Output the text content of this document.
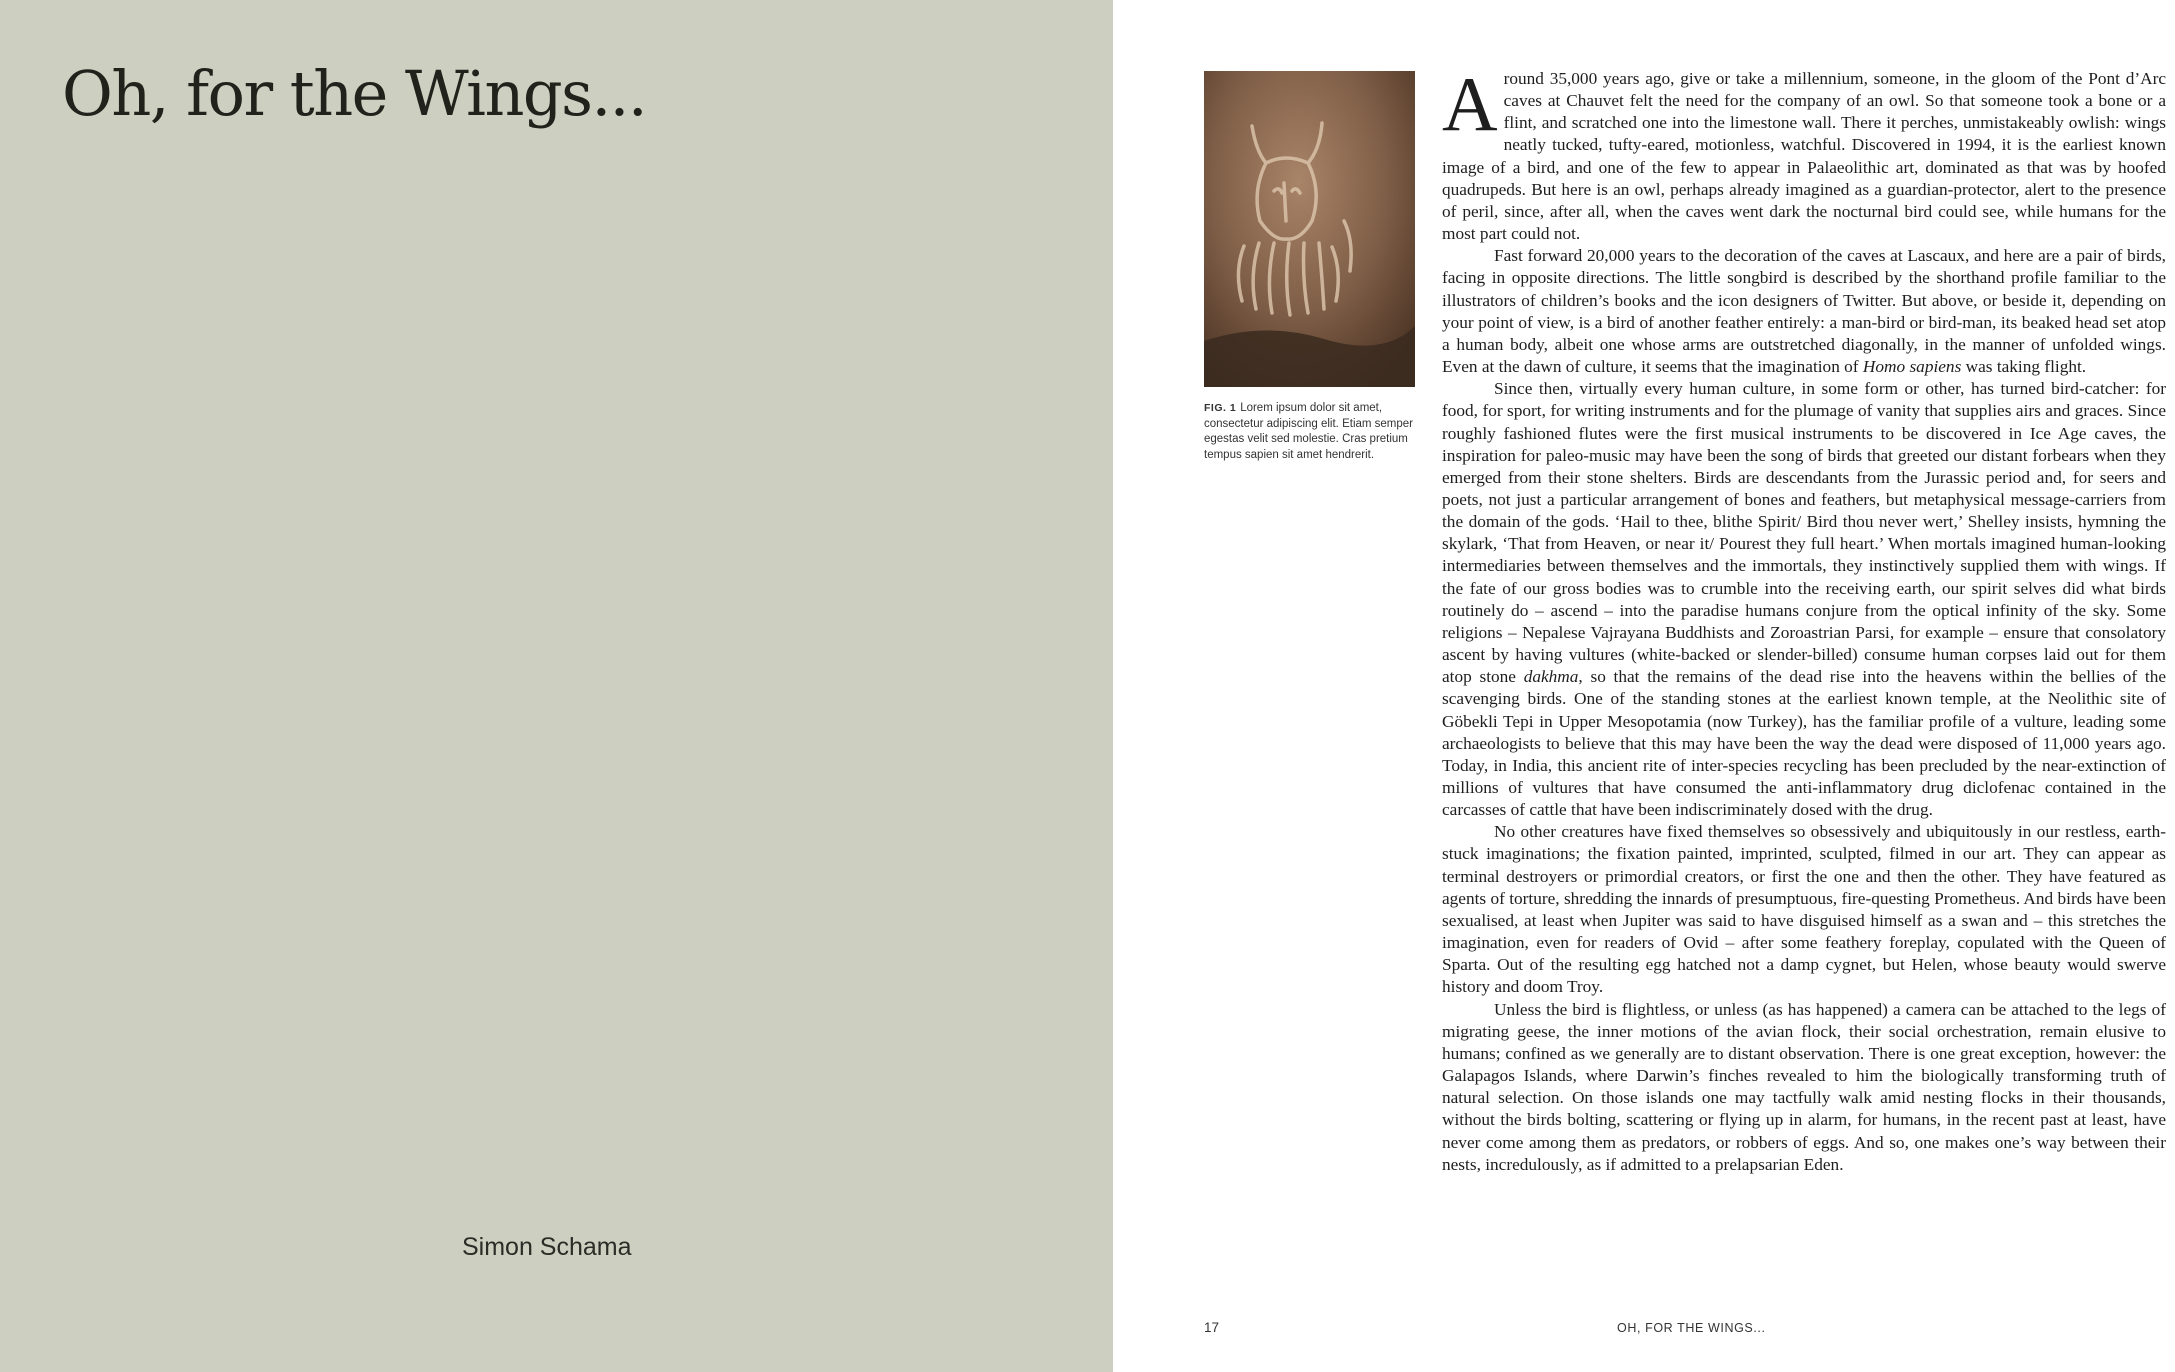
Oh, for the Wings...
Simon Schama

FIG. 1 Lorem ipsum dolor sit amet, consectetur adipiscing elit. Etiam semper egestas velit sed molestie. Cras pretium tempus sapien sit amet hendrerit.

Around 35,000 years ago, give or take a millennium, someone, in the gloom of the Pont d’Arc caves at Chauvet felt the need for the company of an owl. So that someone took a bone or a flint, and scratched one into the limestone wall. There it perches, unmistakeably owlish: wings neatly tucked, tufty-eared, motionless, watchful. Discovered in 1994, it is the earliest known image of a bird, and one of the few to appear in Palaeolithic art, dominated as that was by hoofed quadrupeds. But here is an owl, perhaps already imagined as a guardian-protector, alert to the presence of peril, since, after all, when the caves went dark the nocturnal bird could see, while humans for the most part could not.

Fast forward 20,000 years to the decoration of the caves at Lascaux, and here are a pair of birds, facing in opposite directions. The little songbird is described by the shorthand profile familiar to the illustrators of children’s books and the icon designers of Twitter. But above, or beside it, depending on your point of view, is a bird of another feather entirely: a man-bird or bird-man, its beaked head set atop a human body, albeit one whose arms are outstretched diagonally, in the manner of unfolded wings. Even at the dawn of culture, it seems that the imagination of Homo sapiens was taking flight.

Since then, virtually every human culture, in some form or other, has turned bird-catcher: for food, for sport, for writing instruments and for the plumage of vanity that supplies airs and graces. Since roughly fashioned flutes were the first musical instruments to be discovered in Ice Age caves, the inspiration for paleo-music may have been the song of birds that greeted our distant forbears when they emerged from their stone shelters. Birds are descendants from the Jurassic period and, for seers and poets, not just a particular arrangement of bones and feathers, but metaphysical message-carriers from the domain of the gods. ‘Hail to thee, blithe Spirit/ Bird thou never wert,’ Shelley insists, hymning the skylark, ‘That from Heaven, or near it/ Pourest they full heart.’ When mortals imagined human-looking intermediaries between themselves and the immortals, they instinctively supplied them with wings. If the fate of our gross bodies was to crumble into the receiving earth, our spirit selves did what birds routinely do – ascend – into the paradise humans conjure from the optical infinity of the sky. Some religions – Nepalese Vajrayana Buddhists and Zoroastrian Parsi, for example – ensure that consolatory ascent by having vultures (white-backed or slender-billed) consume human corpses laid out for them atop stone dakhma, so that the remains of the dead rise into the heavens within the bellies of the scavenging birds. One of the standing stones at the earliest known temple, at the Neolithic site of Göbekli Tepi in Upper Mesopotamia (now Turkey), has the familiar profile of a vulture, leading some archaeologists to believe that this may have been the way the dead were disposed of 11,000 years ago. Today, in India, this ancient rite of inter-species recycling has been precluded by the near-extinction of millions of vultures that have consumed the anti-inflammatory drug diclofenac contained in the carcasses of cattle that have been indiscriminately dosed with the drug.

No other creatures have fixed themselves so obsessively and ubiquitously in our restless, earth-stuck imaginations; the fixation painted, imprinted, sculpted, filmed in our art. They can appear as terminal destroyers or primordial creators, or first the one and then the other. They have featured as agents of torture, shredding the innards of presumptuous, fire-questing Prometheus. And birds have been sexualised, at least when Jupiter was said to have disguised himself as a swan and – this stretches the imagination, even for readers of Ovid – after some feathery foreplay, copulated with the Queen of Sparta. Out of the resulting egg hatched not a damp cygnet, but Helen, whose beauty would swerve history and doom Troy.

Unless the bird is flightless, or unless (as has happened) a camera can be attached to the legs of migrating geese, the inner motions of the avian flock, their social orchestration, remain elusive to humans; confined as we generally are to distant observation. There is one great exception, however: the Galapagos Islands, where Darwin’s finches revealed to him the biologically transforming truth of natural selection. On those islands one may tactfully walk amid nesting flocks in their thousands, without the birds bolting, scattering or flying up in alarm, for humans, in the recent past at least, have never come among them as predators, or robbers of eggs. And so, one makes one’s way between their nests, incredulously, as if admitted to a prelapsarian Eden.

17	OH, FOR THE WINGS...
